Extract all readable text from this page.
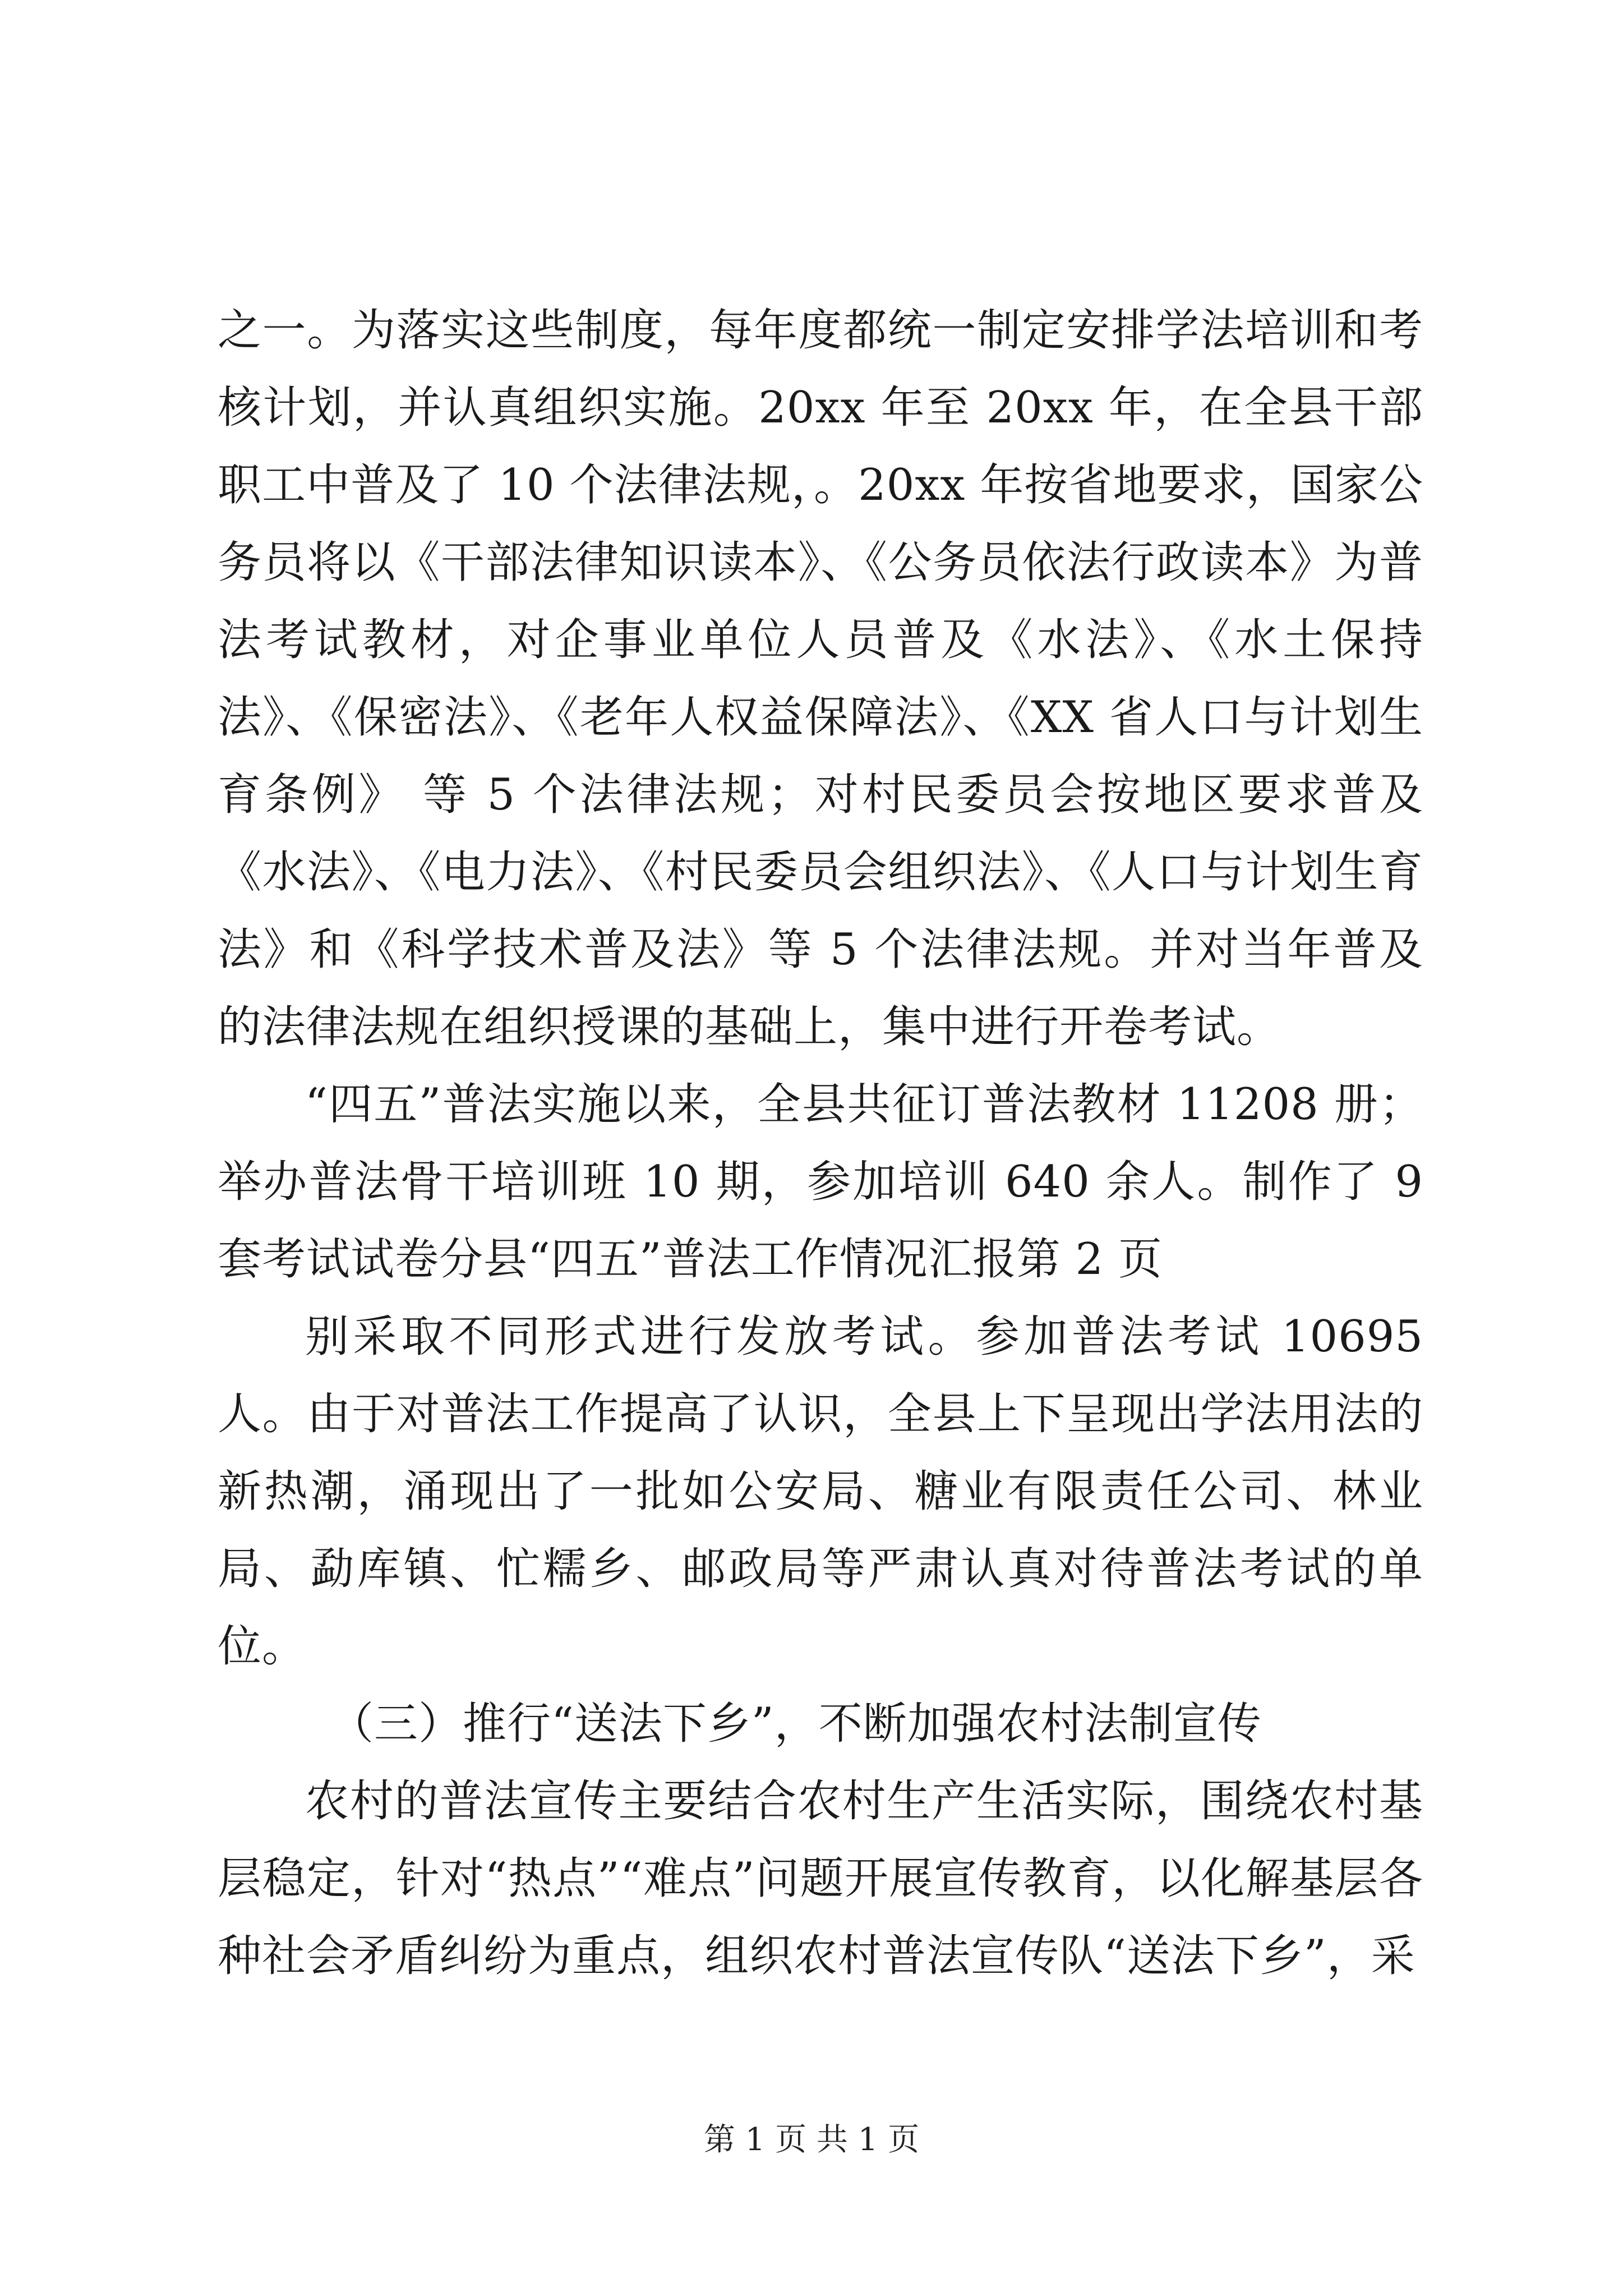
之一。为落实这些制度，每年度都统一制定安排学法培训和考核计划，并认真组织实施。20xx 年至 20xx 年，在全县干部职工中普及了 10 个法律法规，。20xx 年按省地要求，国家公务员将以《干部法律知识读本》、《公务员依法行政读本》为普法考试教材，对企事业单位人员普及《水法》、《水土保持法》、《保密法》、《老年人权益保障法》、《XX 省人口与计划生育条例》 等 5 个法律法规；对村民委员会按地区要求普及《水法》、《电力法》、《村民委员会组织法》、《人口与计划生育法》和《科学技术普及法》等 5 个法律法规。并对当年普及的法律法规在组织授课的基础上，集中进行开卷考试。

“四五”普法实施以来，全县共征订普法教材 11208 册；举办普法骨干培训班 10 期，参加培训 640 余人。制作了 9 套考试试卷分县“四五”普法工作情况汇报第 2 页

别采取不同形式进行发放考试。参加普法考试 10695 人。由于对普法工作提高了认识，全县上下呈现出学法用法的新热潮，涌现出了一批如公安局、糖业有限责任公司、林业局、勐库镇、忙糯乡、邮政局等严肃认真对待普法考试的单位。

（三）推行“送法下乡”，不断加强农村法制宣传

农村的普法宣传主要结合农村生产生活实际，围绕农村基层稳定，针对“热点”“难点”问题开展宣传教育，以化解基层各种社会矛盾纠纷为重点，组织农村普法宣传队“送法下乡”，采

第 1 页 共 1 页
